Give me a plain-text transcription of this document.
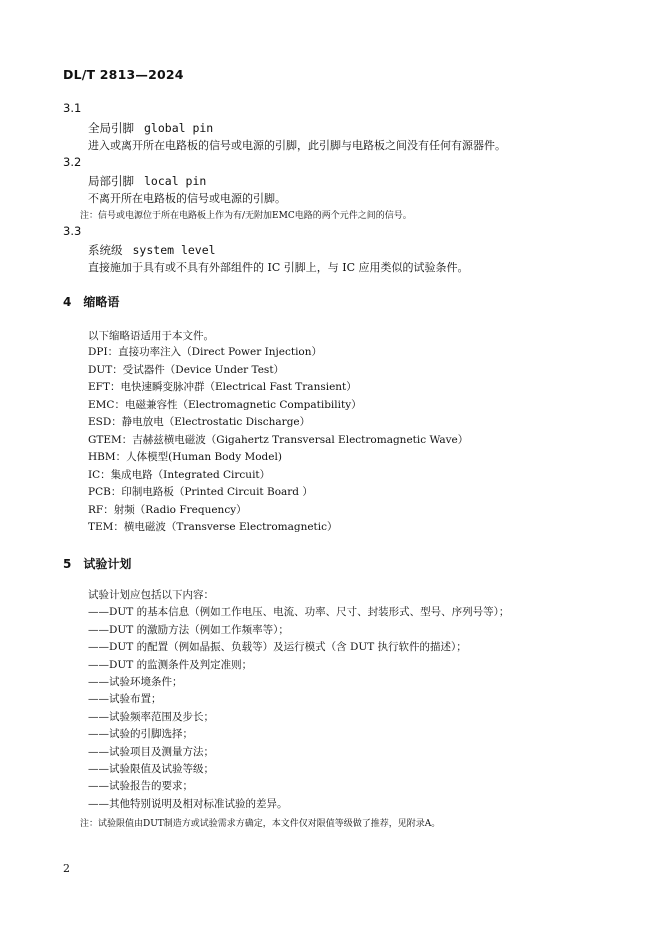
DL/T 2813—2024
3.1
全局引脚 global pin
进入或离开所在电路板的信号或电源的引脚，此引脚与电路板之间没有任何有源器件。
3.2
局部引脚 local pin
不离开所在电路板的信号或电源的引脚。
注：信号或电源位于所在电路板上作为有/无附加EMC电路的两个元件之间的信号。
3.3
系统级 system level
直接施加于具有或不具有外部组件的 IC 引脚上，与 IC 应用类似的试验条件。
4 缩略语
以下缩略语适用于本文件。
DPI：直接功率注入（Direct Power Injection）
DUT：受试器件（Device Under Test）
EFT：电快速瞬变脉冲群（Electrical Fast Transient）
EMC：电磁兼容性（Electromagnetic Compatibility）
ESD：静电放电（Electrostatic Discharge）
GTEM：吉赫兹横电磁波（Gigahertz Transversal Electromagnetic Wave）
HBM：人体模型(Human Body Model)
IC：集成电路（Integrated Circuit）
PCB：印制电路板（Printed Circuit Board ）
RF：射频（Radio Frequency）
TEM：横电磁波（Transverse Electromagnetic）
5 试验计划
试验计划应包括以下内容：
——DUT 的基本信息（例如工作电压、电流、功率、尺寸、封装形式、型号、序列号等）；
——DUT 的激励方法（例如工作频率等）；
——DUT 的配置（例如晶振、负载等）及运行模式（含 DUT 执行软件的描述）；
——DUT 的监测条件及判定准则；
——试验环境条件；
——试验布置；
——试验频率范围及步长；
——试验的引脚选择；
——试验项目及测量方法；
——试验限值及试验等级；
——试验报告的要求；
——其他特别说明及相对标准试验的差异。
注：试验限值由DUT制造方或试验需求方确定，本文件仅对限值等级做了推荐，见附录A。
2
